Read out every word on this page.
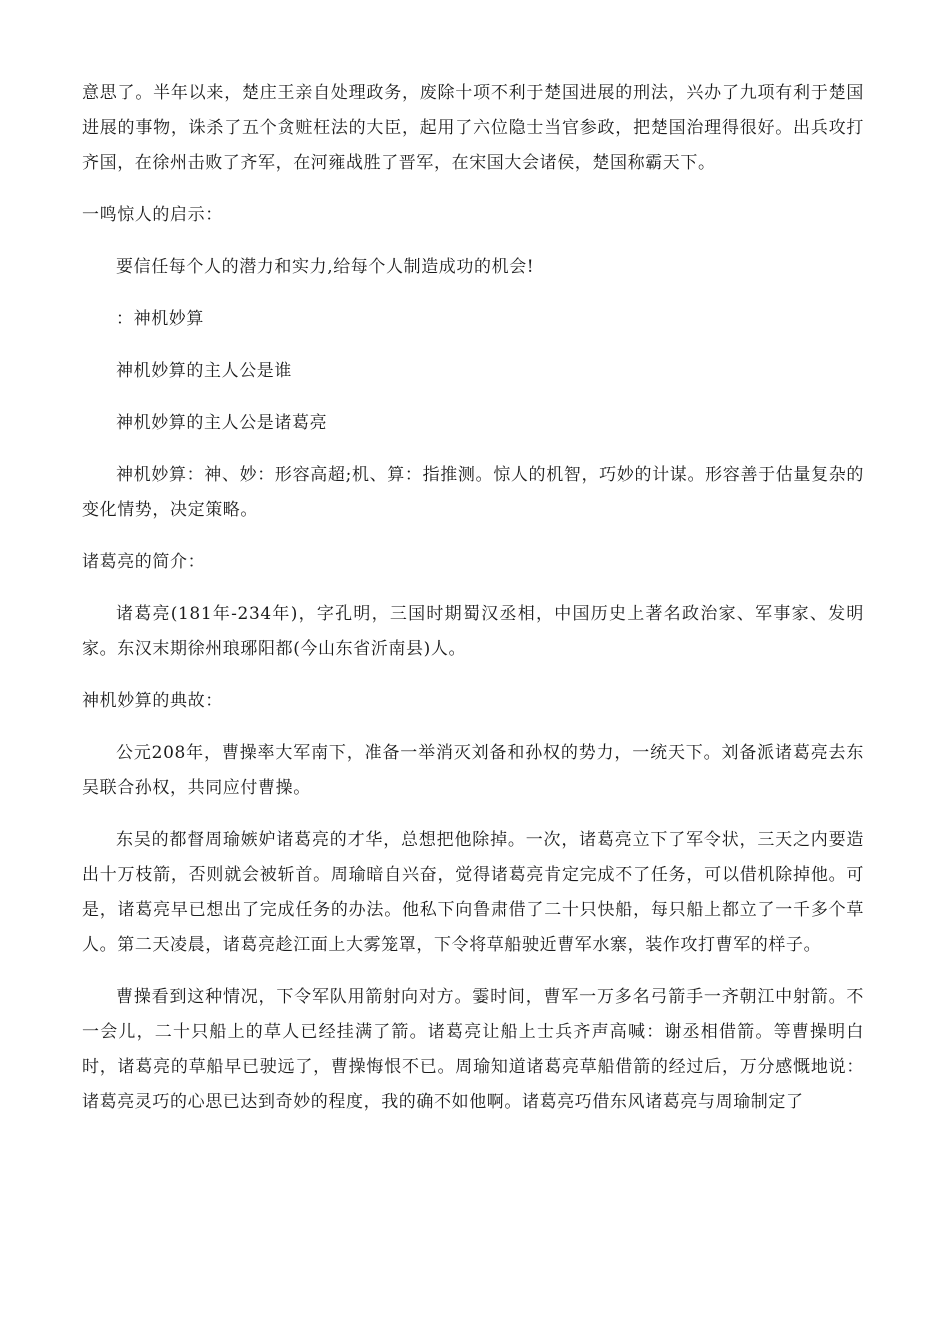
意思了。半年以来，楚庄王亲自处理政务，废除十项不利于楚国进展的刑法，兴办了九项有利于楚国进展的事物，诛杀了五个贪赃枉法的大臣，起用了六位隐士当官参政，把楚国治理得很好。出兵攻打齐国，在徐州击败了齐军，在河雍战胜了晋军，在宋国大会诸侯，楚国称霸天下。

一鸣惊人的启示：

要信任每个人的潜力和实力,给每个人制造成功的机会!

：神机妙算

神机妙算的主人公是谁

神机妙算的主人公是诸葛亮

神机妙算：神、妙：形容高超;机、算：指推测。惊人的机智，巧妙的计谋。形容善于估量复杂的变化情势，决定策略。

诸葛亮的简介：

诸葛亮(181年-234年)，字孔明，三国时期蜀汉丞相，中国历史上著名政治家、军事家、发明家。东汉末期徐州琅琊阳都(今山东省沂南县)人。

神机妙算的典故：

公元208年，曹操率大军南下，准备一举消灭刘备和孙权的势力，一统天下。刘备派诸葛亮去东吴联合孙权，共同应付曹操。

东吴的都督周瑜嫉妒诸葛亮的才华，总想把他除掉。一次，诸葛亮立下了军令状，三天之内要造出十万枝箭，否则就会被斩首。周瑜暗自兴奋，觉得诸葛亮肯定完成不了任务，可以借机除掉他。可是，诸葛亮早已想出了完成任务的办法。他私下向鲁肃借了二十只快船，每只船上都立了一千多个草人。第二天凌晨，诸葛亮趁江面上大雾笼罩，下令将草船驶近曹军水寨，装作攻打曹军的样子。

曹操看到这种情况，下令军队用箭射向对方。霎时间，曹军一万多名弓箭手一齐朝江中射箭。不一会儿，二十只船上的草人已经挂满了箭。诸葛亮让船上士兵齐声高喊：谢丞相借箭。等曹操明白时，诸葛亮的草船早已驶远了，曹操悔恨不已。周瑜知道诸葛亮草船借箭的经过后，万分感慨地说：诸葛亮灵巧的心思已达到奇妙的程度，我的确不如他啊。诸葛亮巧借东风诸葛亮与周瑜制定了
